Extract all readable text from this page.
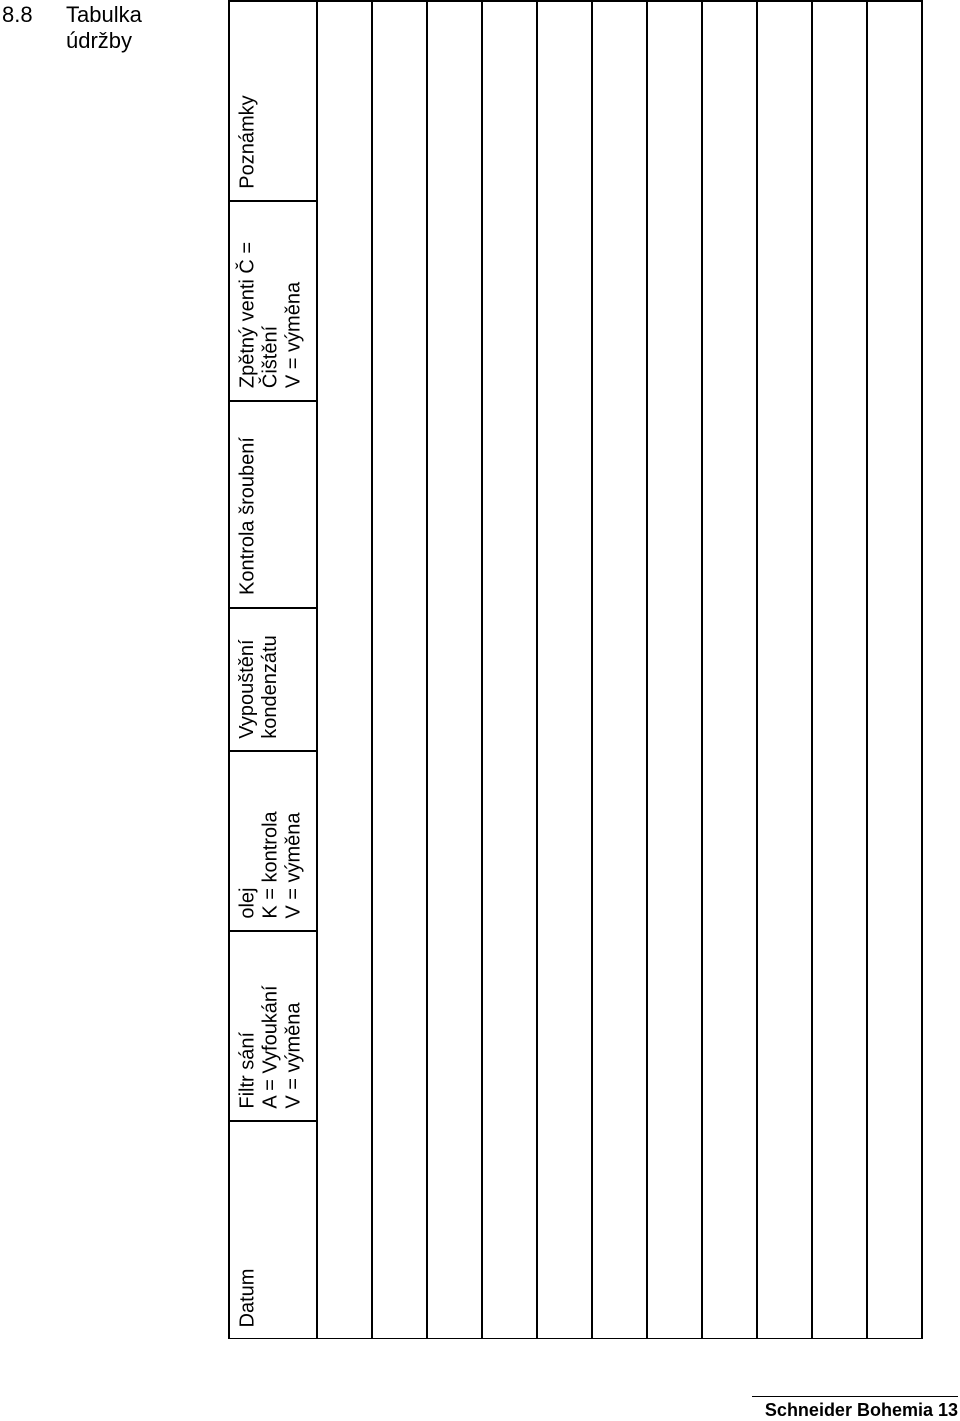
8.8 Tabulka údržby
Datum
Filtr sání A = Vyfoukání V = výměna
olej K = kontrola V = výměna
Vypouštění kondenzátu
Kontrola šroubení
Zpětný venti Č = Čištění V = výměna
Poznámky
Schneider Bohemia 13
